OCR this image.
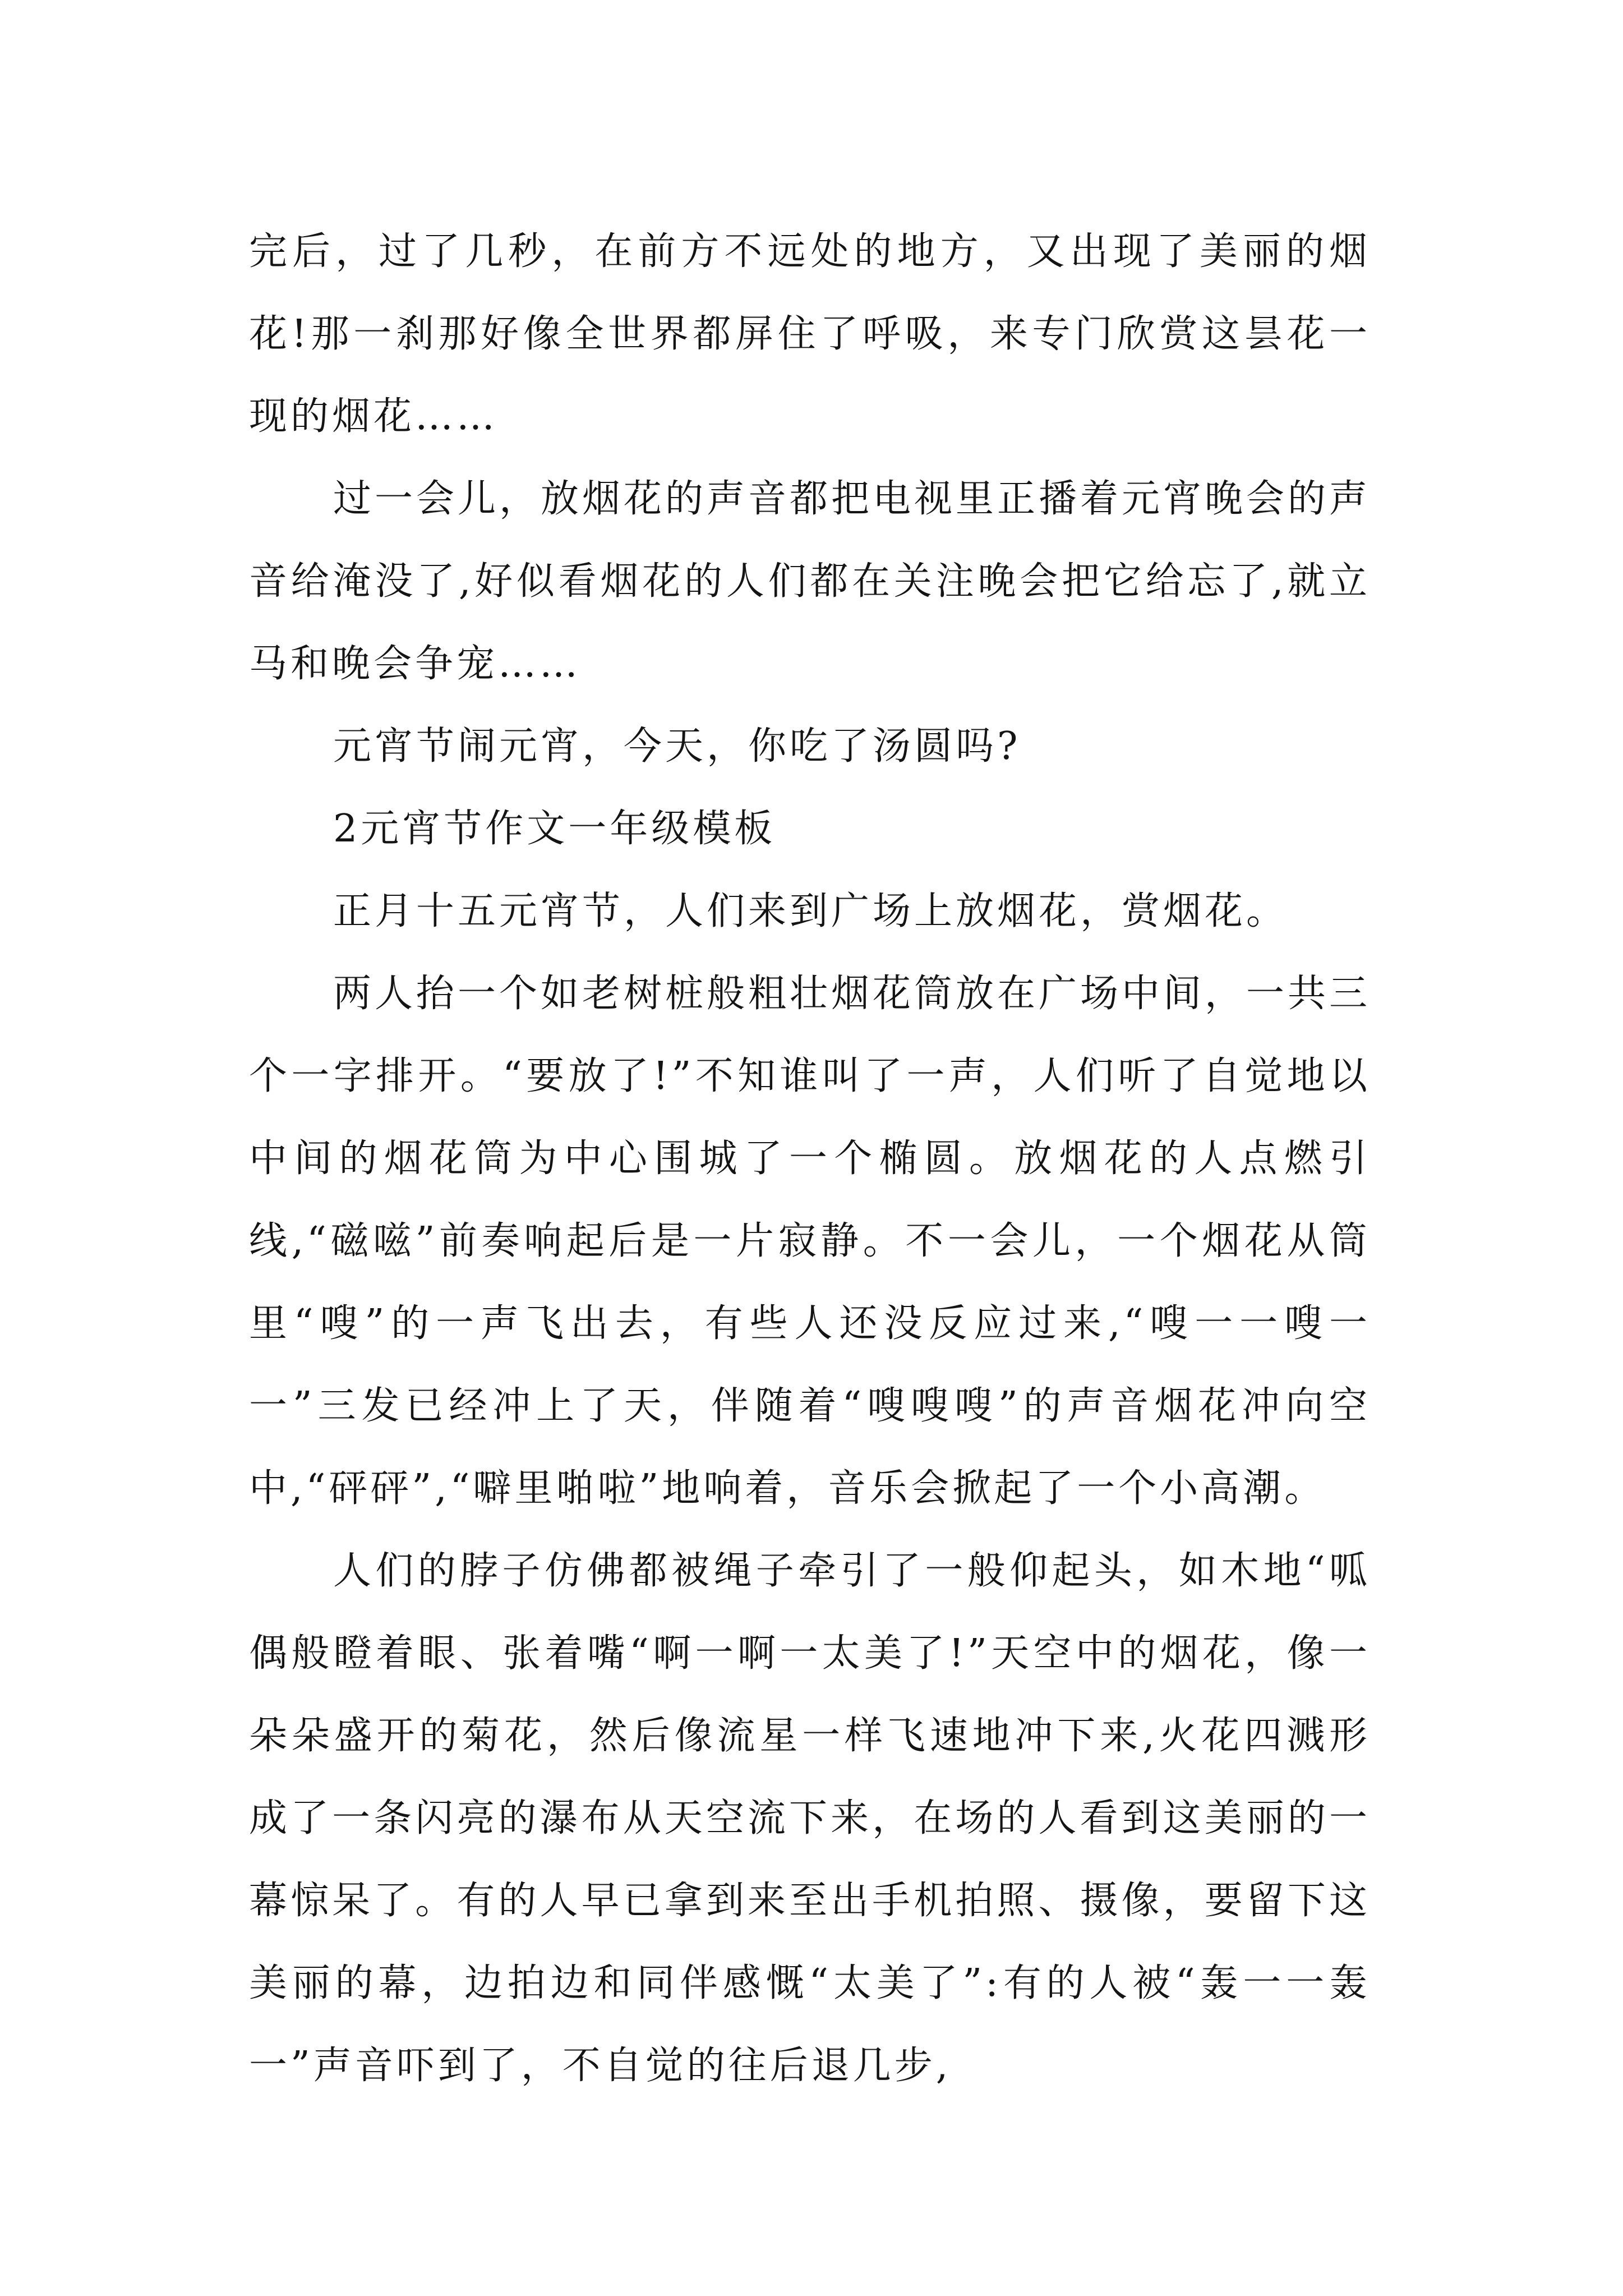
完后，过了几秒，在前方不远处的地方，又出现了美丽的烟花!那一刹那好像全世界都屏住了呼吸，来专门欣赏这昙花一现的烟花……

过一会儿，放烟花的声音都把电视里正播着元宵晚会的声音给淹没了,好似看烟花的人们都在关注晚会把它给忘了,就立马和晚会争宠……

元宵节闹元宵，今天，你吃了汤圆吗?

2元宵节作文一年级模板

正月十五元宵节，人们来到广场上放烟花，赏烟花。

两人抬一个如老树桩般粗壮烟花筒放在广场中间，一共三个一字排开。“要放了!”不知谁叫了一声，人们听了自觉地以中间的烟花筒为中心围城了一个椭圆。放烟花的人点燃引线,“磁嗞”前奏响起后是一片寂静。不一会儿，一个烟花从筒里“嗖”的一声飞出去，有些人还没反应过来,“嗖一一嗖一一”三发已经冲上了天，伴随着“嗖嗖嗖”的声音烟花冲向空中,“砰砰”,“噼里啪啦”地响着，音乐会掀起了一个小高潮。

人们的脖子仿佛都被绳子牵引了一般仰起头，如木地“呱偶般瞪着眼、张着嘴“啊一啊一太美了!”天空中的烟花，像一朵朵盛开的菊花，然后像流星一样飞速地冲下来,火花四溅形成了一条闪亮的瀑布从天空流下来，在场的人看到这美丽的一幕惊呆了。有的人早已拿到来至出手机拍照、摄像，要留下这美丽的幕，边拍边和同伴感慨“太美了”:有的人被“轰一一轰一”声音吓到了，不自觉的往后退几步,
